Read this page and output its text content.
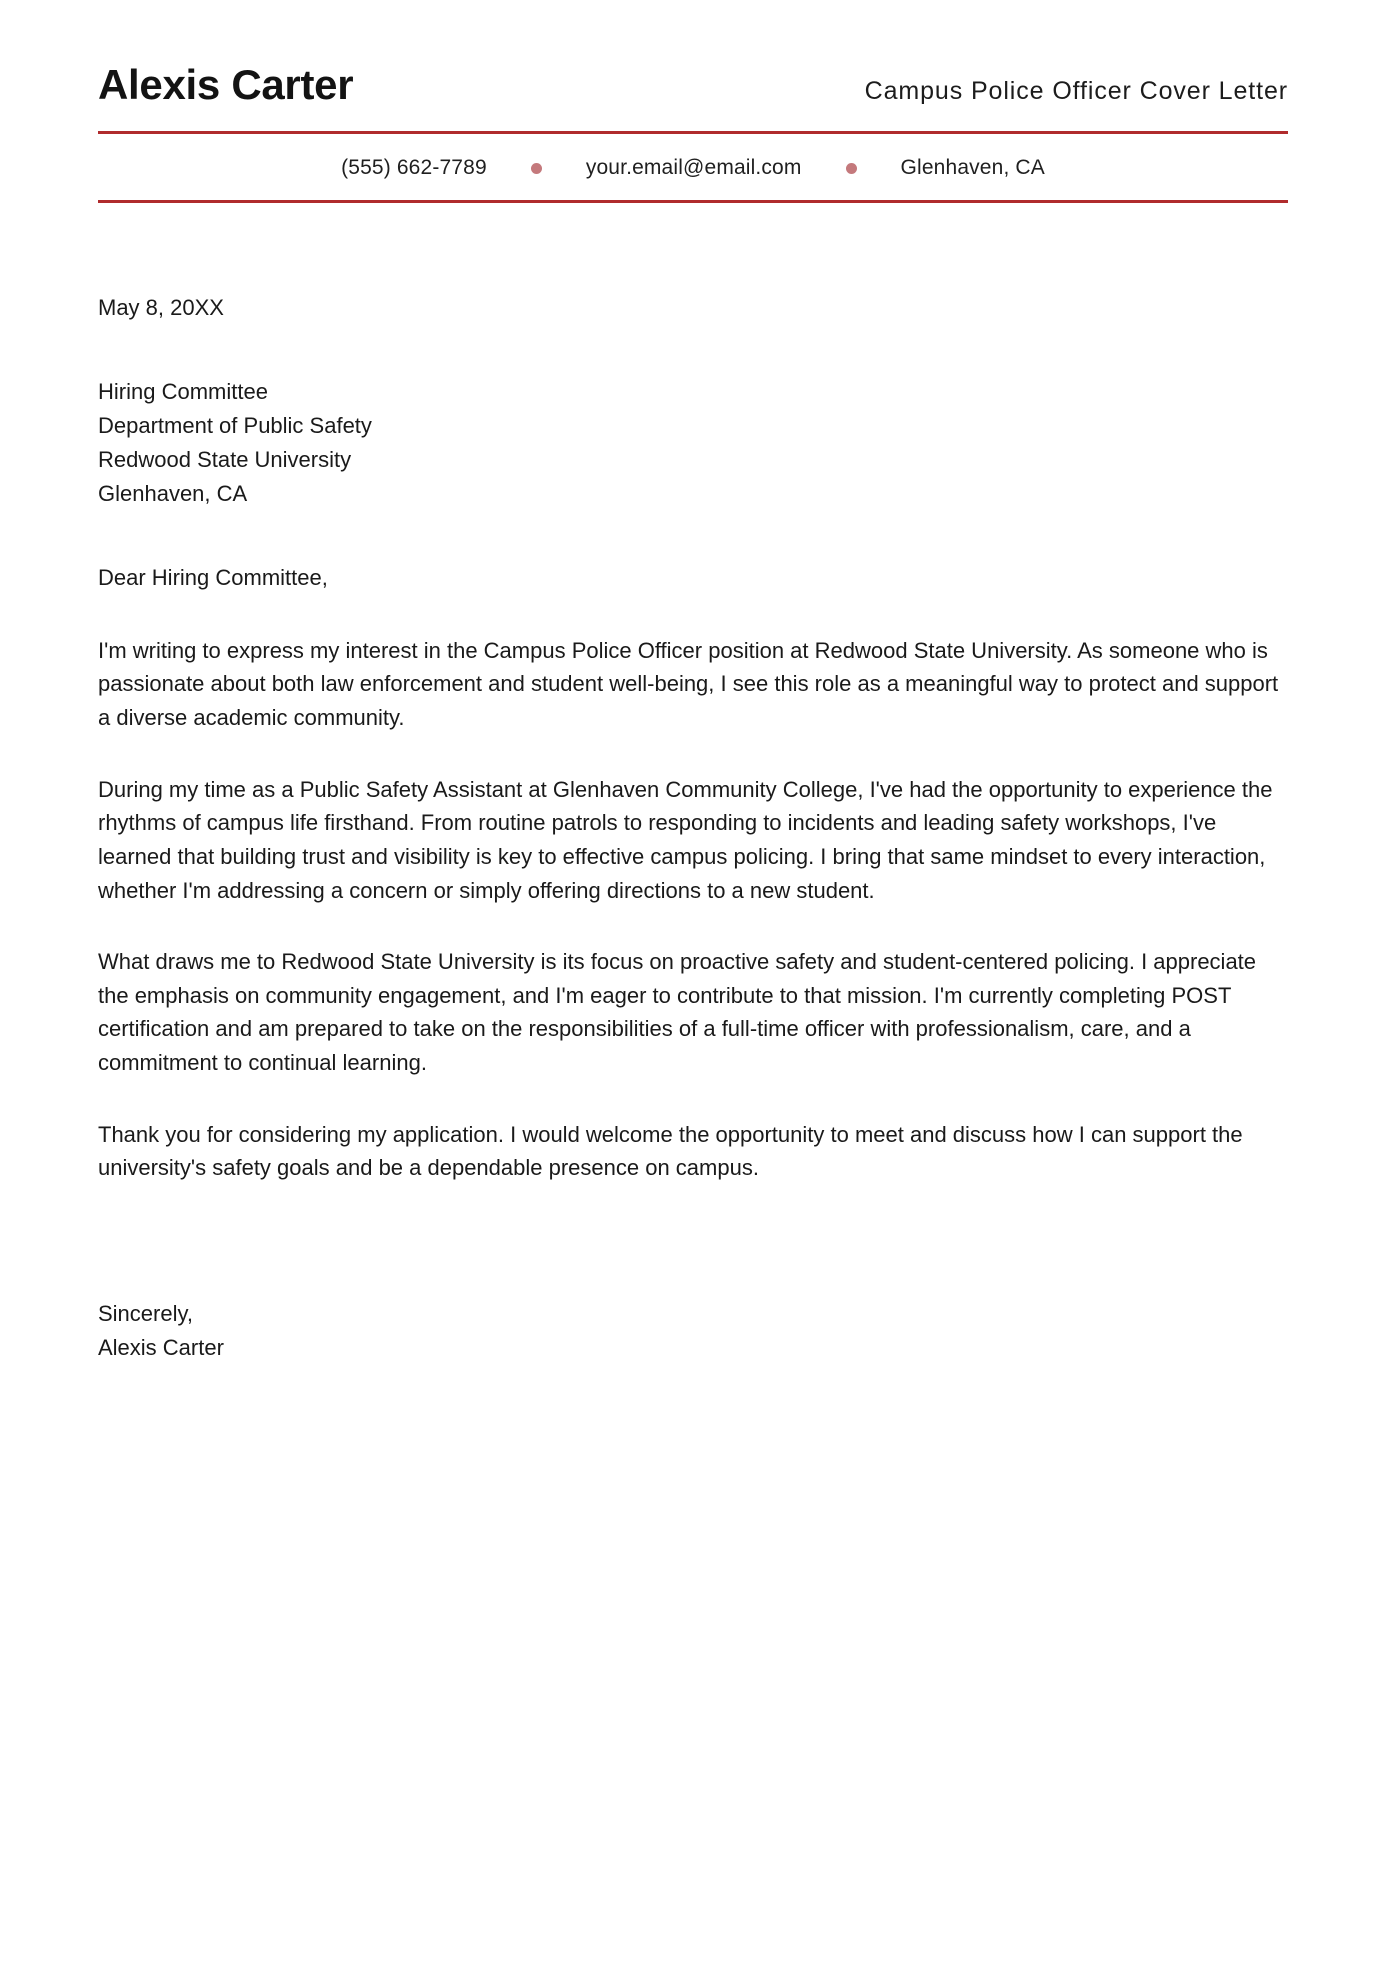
Alexis Carter	Campus Police Officer Cover Letter
(555) 662-7789	your.email@email.com	Glenhaven, CA
May 8, 20XX
Hiring Committee
Department of Public Safety
Redwood State University
Glenhaven, CA
Dear Hiring Committee,

I'm writing to express my interest in the Campus Police Officer position at Redwood State University. As someone who is passionate about both law enforcement and student well-being, I see this role as a meaningful way to protect and support a diverse academic community.

During my time as a Public Safety Assistant at Glenhaven Community College, I've had the opportunity to experience the rhythms of campus life firsthand. From routine patrols to responding to incidents and leading safety workshops, I've learned that building trust and visibility is key to effective campus policing. I bring that same mindset to every interaction, whether I'm addressing a concern or simply offering directions to a new student.

What draws me to Redwood State University is its focus on proactive safety and student-centered policing. I appreciate the emphasis on community engagement, and I'm eager to contribute to that mission. I'm currently completing POST certification and am prepared to take on the responsibilities of a full-time officer with professionalism, care, and a commitment to continual learning.

Thank you for considering my application. I would welcome the opportunity to meet and discuss how I can support the university's safety goals and be a dependable presence on campus.

Sincerely,
Alexis Carter
